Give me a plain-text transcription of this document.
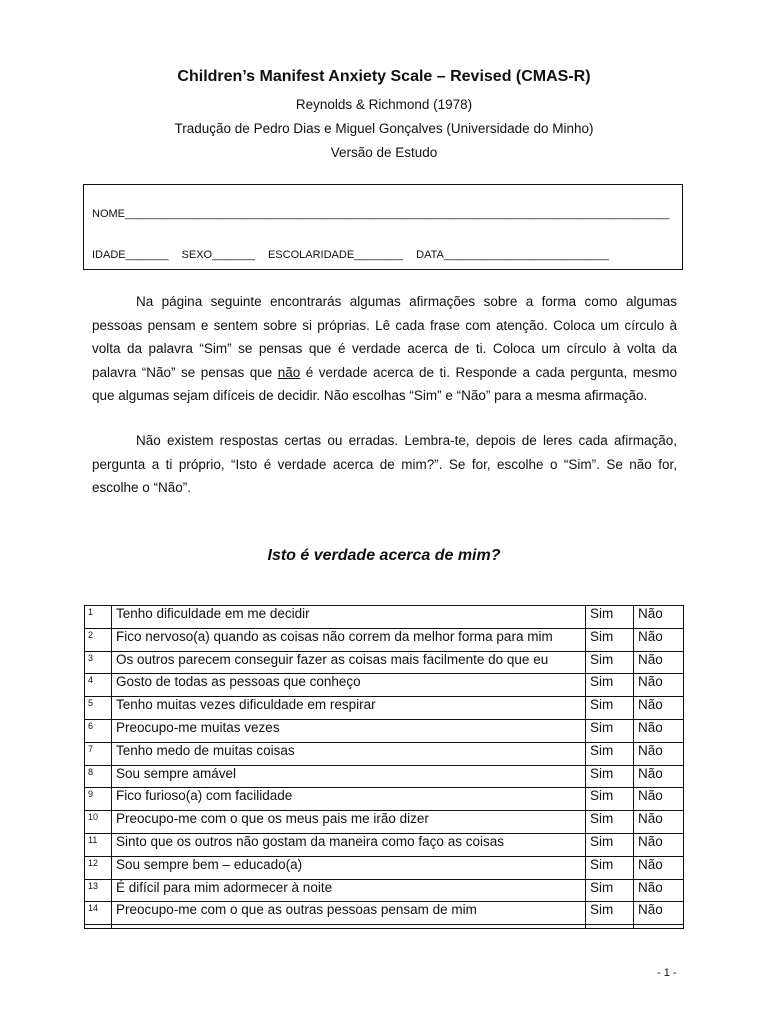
Children’s Manifest Anxiety Scale – Revised (CMAS-R)
Reynolds & Richmond (1978)
Tradução de Pedro Dias e Miguel Gonçalves (Universidade do Minho)
Versão de Estudo
NOME_________________________________________________________________________________________
IDADE_______ SEXO_______ ESCOLARIDADE________ DATA___________________________
Na página seguinte encontrarás algumas afirmações sobre a forma como algumas pessoas pensam e sentem sobre si próprias. Lê cada frase com atenção. Coloca um círculo à volta da palavra “Sim” se pensas que é verdade acerca de ti. Coloca um círculo à volta da palavra “Não” se pensas que não é verdade acerca de ti. Responde a cada pergunta, mesmo que algumas sejam difíceis de decidir. Não escolhas “Sim” e “Não” para a mesma afirmação.
Não existem respostas certas ou erradas. Lembra-te, depois de leres cada afirmação, pergunta a ti próprio, “Isto é verdade acerca de mim?”. Se for, escolhe o “Sim”. Se não for, escolhe o “Não”.
Isto é verdade acerca de mim?
1	Tenho dificuldade em me decidir	Sim	Não
2	Fico nervoso(a) quando as coisas não correm da melhor forma para mim	Sim	Não
3	Os outros parecem conseguir fazer as coisas mais facilmente do que eu	Sim	Não
4	Gosto de todas as pessoas que conheço	Sim	Não
5	Tenho muitas vezes dificuldade em respirar	Sim	Não
6	Preocupo-me muitas vezes	Sim	Não
7	Tenho medo de muitas coisas	Sim	Não
8	Sou sempre amável	Sim	Não
9	Fico furioso(a) com facilidade	Sim	Não
10	Preocupo-me com o que os meus pais me irão dizer	Sim	Não
11	Sinto que os outros não gostam da maneira como faço as coisas	Sim	Não
12	Sou sempre bem – educado(a)	Sim	Não
13	É difícil para mim adormecer à noite	Sim	Não
14	Preocupo-me com o que as outras pessoas pensam de mim	Sim	Não

- 1 -
